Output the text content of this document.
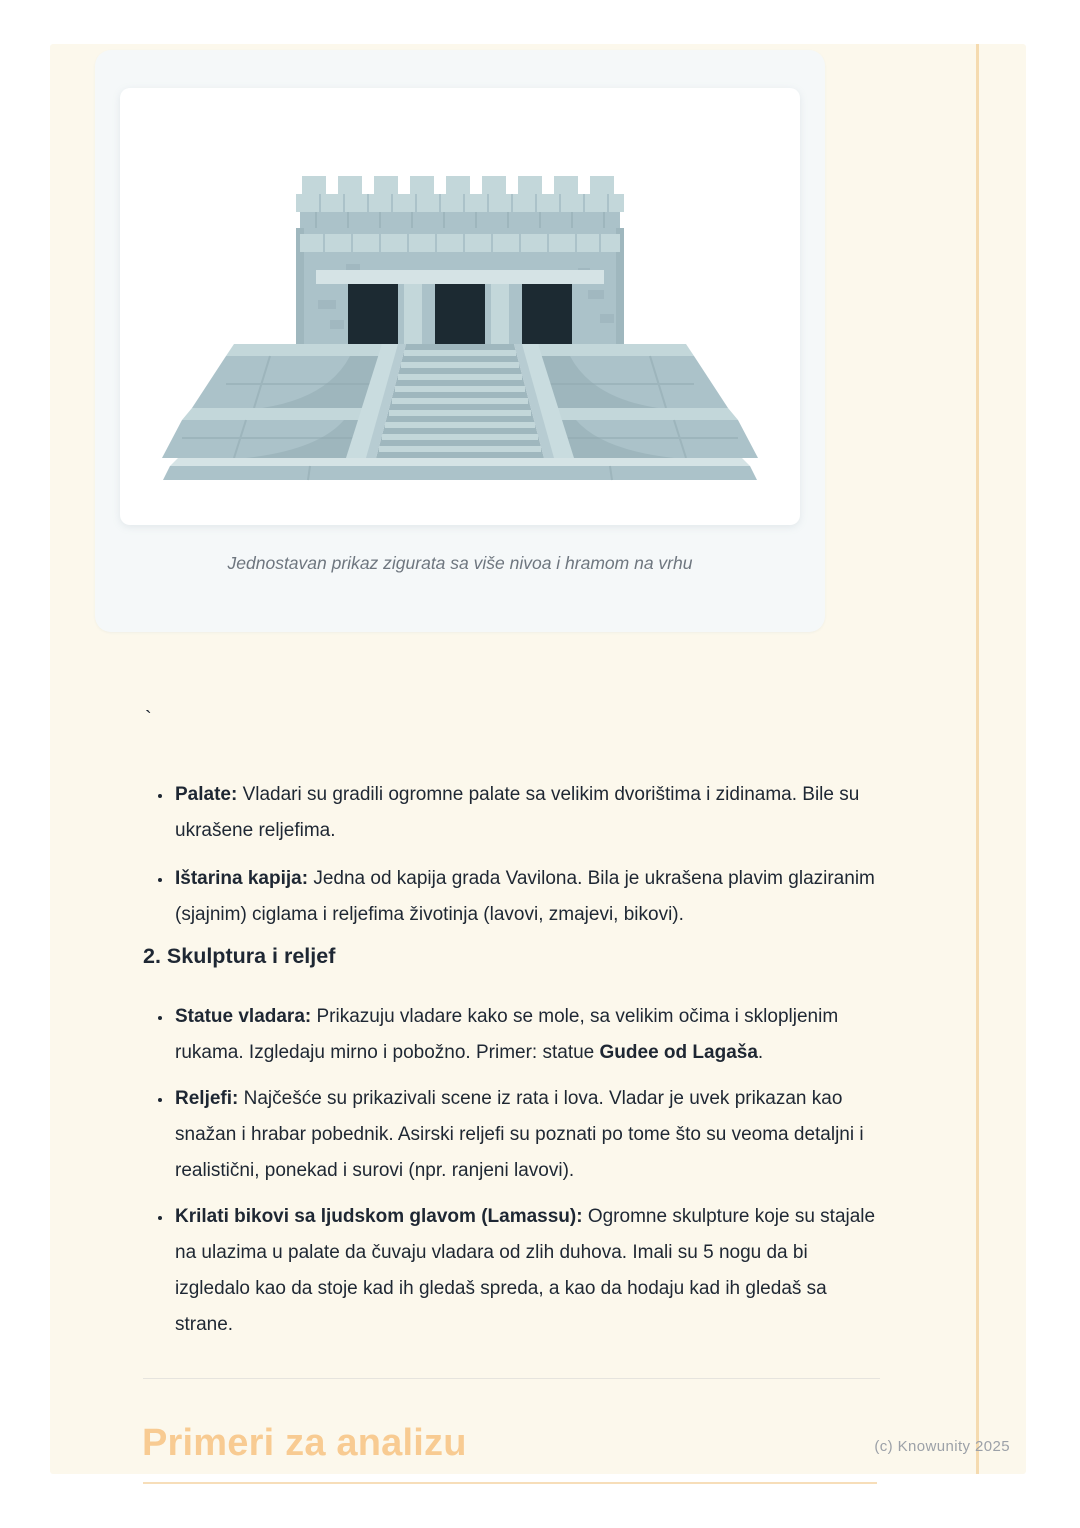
Jednostavan prikaz zigurata sa više nivoa i hramom na vrhu
`
• Palate: Vladari su gradili ogromne palate sa velikim dvorištima i zidinama. Bile su ukrašene reljefima.
• Ištarina kapija: Jedna od kapija grada Vavilona. Bila je ukrašena plavim glaziranim (sjajnim) ciglama i reljefima životinja (lavovi, zmajevi, bikovi).
2. Skulptura i reljef
• Statue vladara: Prikazuju vladare kako se mole, sa velikim očima i sklopljenim rukama. Izgledaju mirno i pobožno. Primer: statue Gudee od Lagaša.
• Reljefi: Najčešće su prikazivali scene iz rata i lova. Vladar je uvek prikazan kao snažan i hrabar pobednik. Asirski reljefi su poznati po tome što su veoma detaljni i realistični, ponekad i surovi (npr. ranjeni lavovi).
• Krilati bikovi sa ljudskom glavom (Lamassu): Ogromne skulpture koje su stajale na ulazima u palate da čuvaju vladara od zlih duhova. Imali su 5 nogu da bi izgledalo kao da stoje kad ih gledaš spreda, a kao da hodaju kad ih gledaš sa strane.
Primeri za analizu	(c) Knowunity 2025
